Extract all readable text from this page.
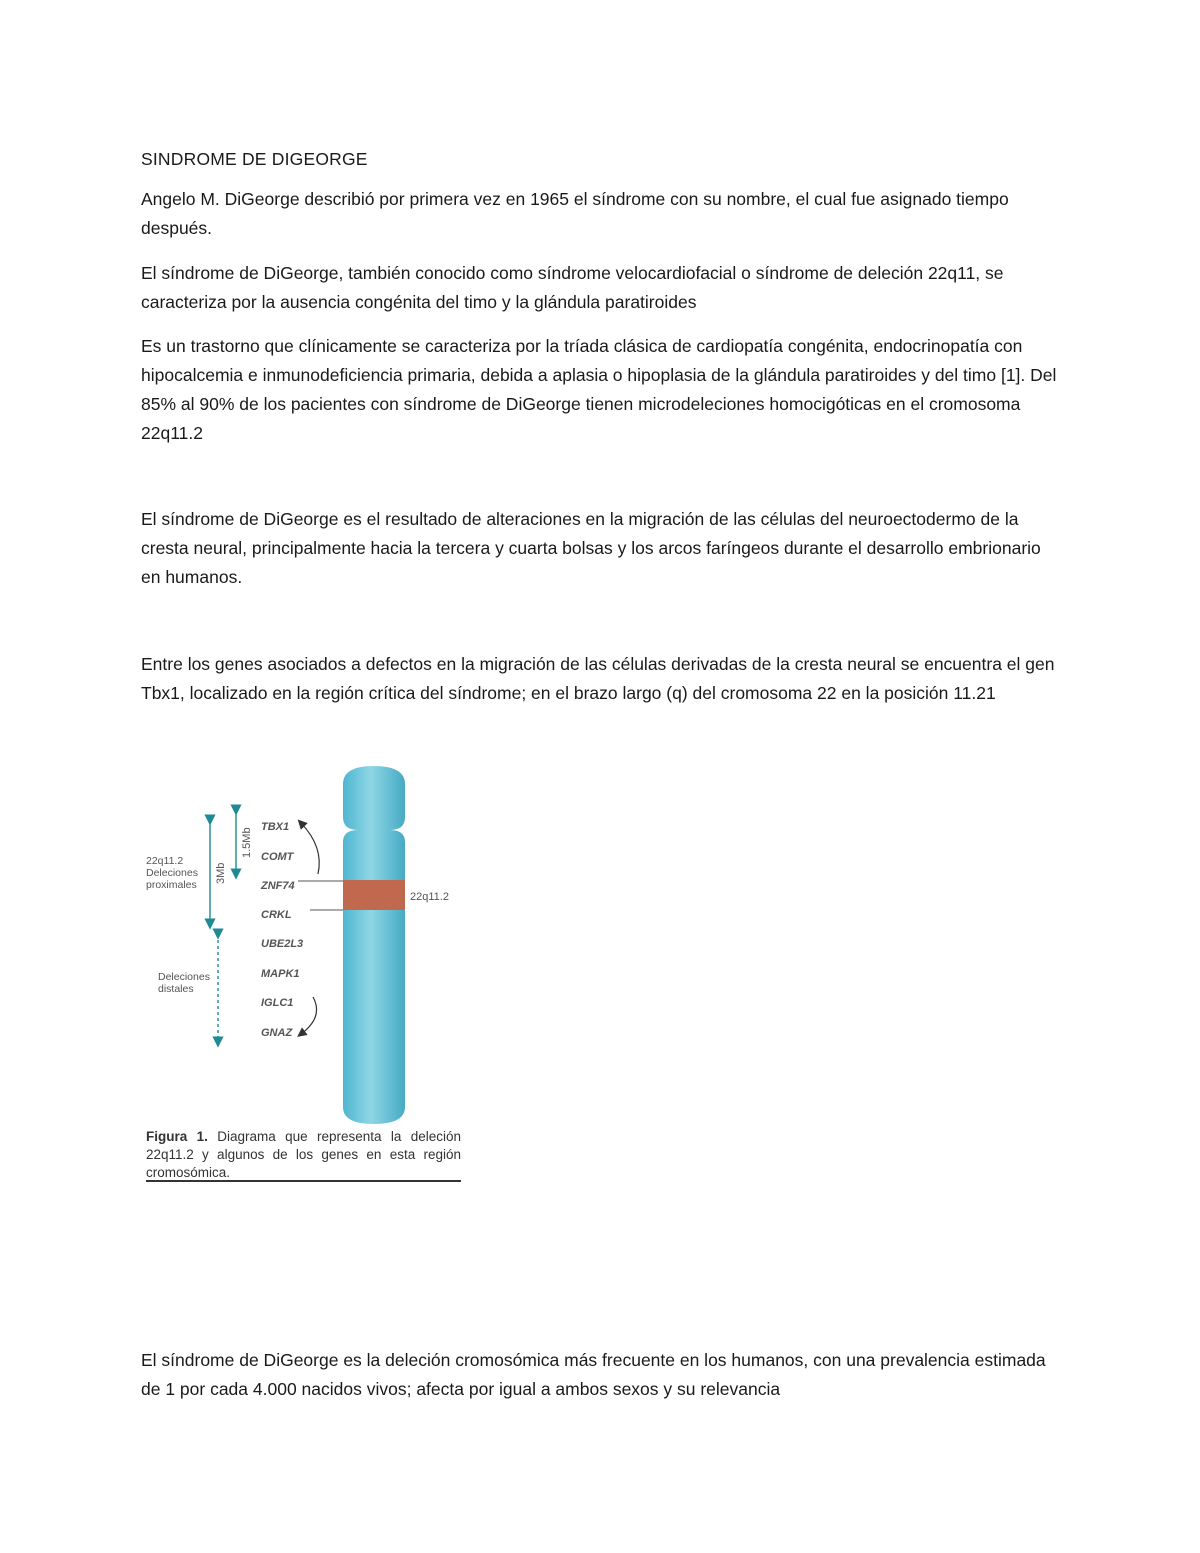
SINDROME DE DIGEORGE

Angelo M. DiGeorge describió por primera vez en 1965 el síndrome con su nombre, el cual fue asignado tiempo después.

El síndrome de DiGeorge, también conocido como síndrome velocardiofacial o síndrome de deleción 22q11, se caracteriza por la ausencia congénita del timo y la glándula paratiroides

Es un trastorno que clínicamente se caracteriza por la tríada clásica de cardiopatía congénita, endocrinopatía con hipocalcemia e inmunodeficiencia primaria, debida a aplasia o hipoplasia de la glándula paratiroides y del timo [1]. Del 85% al 90% de los pacientes con síndrome de DiGeorge tienen microdeleciones homocigóticas en el cromosoma 22q11.2

El síndrome de DiGeorge es el resultado de alteraciones en la migración de las células del neuroectodermo de la cresta neural, principalmente hacia la tercera y cuarta bolsas y los arcos faríngeos durante el desarrollo embrionario en humanos.

Entre los genes asociados a defectos en la migración de las células derivadas de la cresta neural se encuentra el gen Tbx1, localizado en la región crítica del síndrome; en el brazo largo (q) del cromosoma 22 en la posición 11.21

22q11.2
TBX1
COMT
ZNF74
CRKL
UBE2L3
MAPK1
IGLC1
GNAZ
3Mb
1.5Mb
22q11.2
Deleciones
proximales
Deleciones
distales
Figura 1. Diagrama que representa la deleción 22q11.2 y algunos de los genes en esta región cromosómica.

El síndrome de DiGeorge es la deleción cromosómica más frecuente en los humanos, con una prevalencia estimada de 1 por cada 4.000 nacidos vivos; afecta por igual a ambos sexos y su relevancia
